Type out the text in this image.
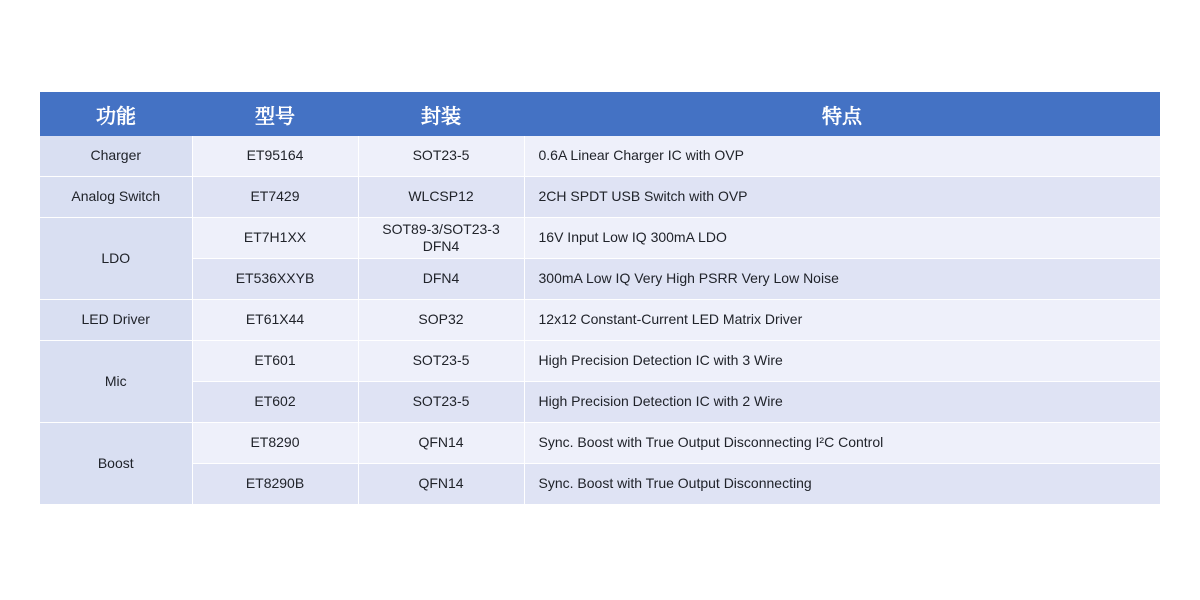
功能	型号	封装	特点
Charger	ET95164	SOT23-5	0.6A Linear Charger IC with OVP
Analog Switch	ET7429	WLCSP12	2CH SPDT USB Switch with OVP
LDO	ET7H1XX	SOT89-3/SOT23-3 DFN4	16V Input Low IQ 300mA LDO
	ET536XXYB	DFN4	300mA Low IQ Very High PSRR Very Low Noise
LED Driver	ET61X44	SOP32	12x12 Constant-Current LED Matrix Driver
Mic	ET601	SOT23-5	High Precision Detection IC with 3 Wire
	ET602	SOT23-5	High Precision Detection IC with 2 Wire
Boost	ET8290	QFN14	Sync. Boost with True Output Disconnecting I²C Control
	ET8290B	QFN14	Sync. Boost with True Output Disconnecting
